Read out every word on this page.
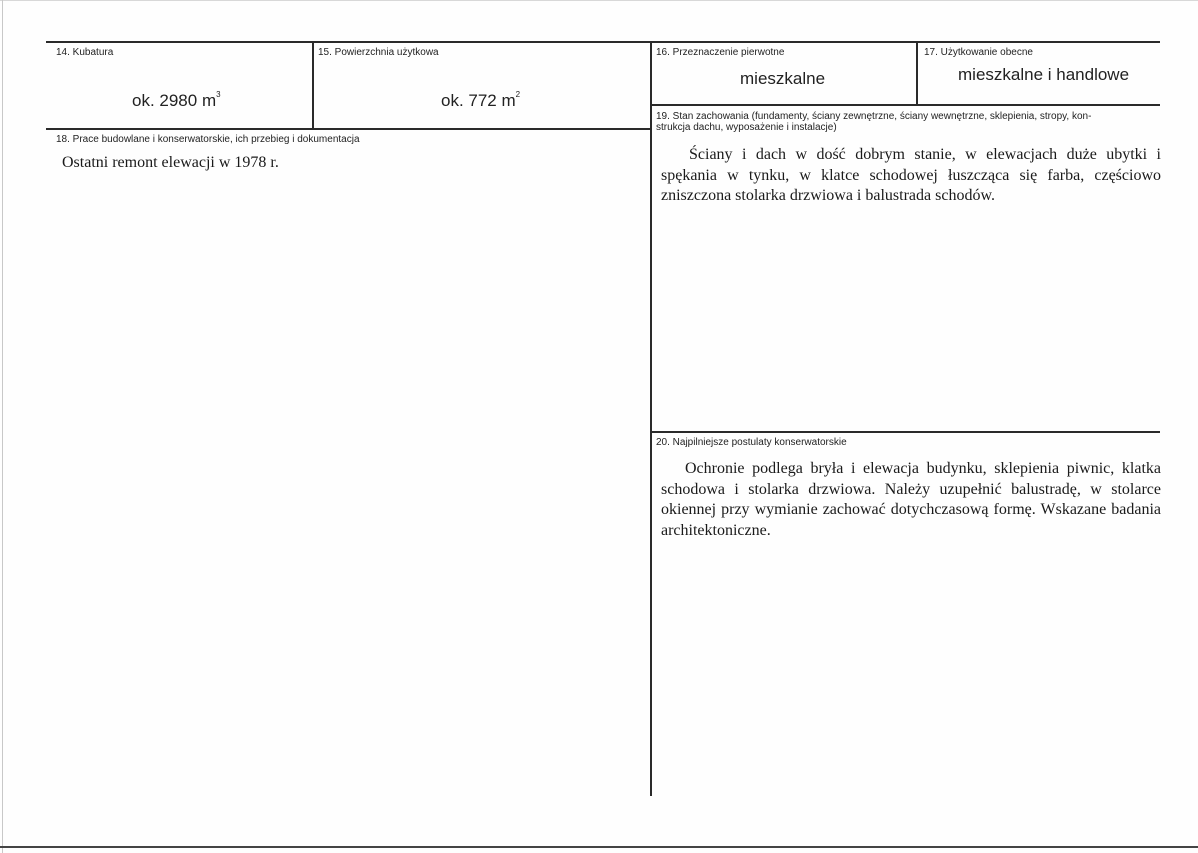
14. Kubatura
ok. 2980 $m^3$
15. Powierzchnia użytkowa
ok. 772 $m^2$
16. Przeznaczenie pierwotne
mieszkalne
17. Użytkowanie obecne
mieszkalne i handlowe
18. Prace budowlane i konserwatorskie, ich przebieg i dokumentacja
Ostatni remont elewacji w 1978 r.
19. Stan zachowania (fundamenty, ściany zewnętrzne, ściany wewnętrzne, sklepienia, stropy, kon-
strukcja dachu, wyposażenie i instalacje)
Ściany i dach w dość dobrym stanie, w elewacjach duże ubytki i spękania w tynku, w klatce schodowej łuszcząca się farba, częściowo zniszczona stolarka drzwiowa i balustrada schodów.
20. Najpilniejsze postulaty konserwatorskie
Ochronie podlega bryła i elewacja budynku, sklepienia piwnic, klatka schodowa i stolarka drzwiowa. Należy uzupełnić balustradę, w stolarce okiennej przy wymianie zachować dotychczasową formę. Wskazane badania architektoniczne.
